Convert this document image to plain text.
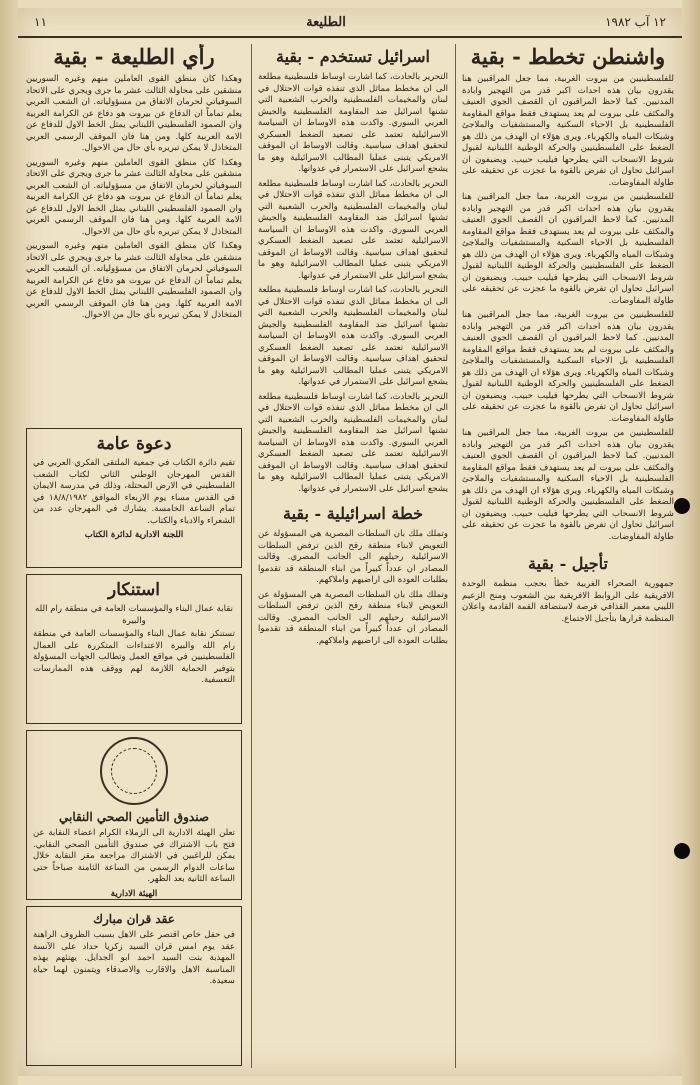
١٢ آب ١٩٨٢
الطليعة
١١
واشنطن تخطط - بقية

للفلسطينيين من بيروت الغربية، مما جعل المراقبين هنا يقدرون بيان هذه احداث اكبر قدر من التهجير وابادة المدنيين. كما لاحظ المراقبون ان القصف الجوي العنيف والمكثف على بيروت لم يعد يستهدف فقط مواقع المقاومة الفلسطينية بل الاحياء السكنية والمستشفيات والملاجئ وشبكات المياه والكهرباء. ويرى هؤلاء ان الهدف من ذلك هو الضغط على الفلسطينيين والحركة الوطنية اللبنانية لقبول شروط الانسحاب التي يطرحها فيليب حبيب. ويضيفون ان اسرائيل تحاول ان تفرض بالقوة ما عجزت عن تحقيقه على طاولة المفاوضات.

للفلسطينيين من بيروت الغربية، مما جعل المراقبين هنا يقدرون بيان هذه احداث اكبر قدر من التهجير وابادة المدنيين. كما لاحظ المراقبون ان القصف الجوي العنيف والمكثف على بيروت لم يعد يستهدف فقط مواقع المقاومة الفلسطينية بل الاحياء السكنية والمستشفيات والملاجئ وشبكات المياه والكهرباء. ويرى هؤلاء ان الهدف من ذلك هو الضغط على الفلسطينيين والحركة الوطنية اللبنانية لقبول شروط الانسحاب التي يطرحها فيليب حبيب. ويضيفون ان اسرائيل تحاول ان تفرض بالقوة ما عجزت عن تحقيقه على طاولة المفاوضات.

للفلسطينيين من بيروت الغربية، مما جعل المراقبين هنا يقدرون بيان هذه احداث اكبر قدر من التهجير وابادة المدنيين. كما لاحظ المراقبون ان القصف الجوي العنيف والمكثف على بيروت لم يعد يستهدف فقط مواقع المقاومة الفلسطينية بل الاحياء السكنية والمستشفيات والملاجئ وشبكات المياه والكهرباء. ويرى هؤلاء ان الهدف من ذلك هو الضغط على الفلسطينيين والحركة الوطنية اللبنانية لقبول شروط الانسحاب التي يطرحها فيليب حبيب. ويضيفون ان اسرائيل تحاول ان تفرض بالقوة ما عجزت عن تحقيقه على طاولة المفاوضات.

للفلسطينيين من بيروت الغربية، مما جعل المراقبين هنا يقدرون بيان هذه احداث اكبر قدر من التهجير وابادة المدنيين. كما لاحظ المراقبون ان القصف الجوي العنيف والمكثف على بيروت لم يعد يستهدف فقط مواقع المقاومة الفلسطينية بل الاحياء السكنية والمستشفيات والملاجئ وشبكات المياه والكهرباء. ويرى هؤلاء ان الهدف من ذلك هو الضغط على الفلسطينيين والحركة الوطنية اللبنانية لقبول شروط الانسحاب التي يطرحها فيليب حبيب. ويضيفون ان اسرائيل تحاول ان تفرض بالقوة ما عجزت عن تحقيقه على طاولة المفاوضات.

تأجيل - بقية

جمهورية الصحراء الغربية خطأ بحجب منظمة الوحدة الافريقية على الروابط الافريقية بين الشعوب ومنح الزعيم الليبي معمر القذافي فرصة لاستضافة القمة القادمة واعلان المنظمة قرارها بتأجيل الاجتماع.

اسرائيل تستخدم - بقية

التحرير بالحادث، كما اشارت اوساط فلسطينية مطلعة الى ان مخطط مماثل الذي تنفذه قوات الاحتلال في لبنان والمخيمات الفلسطينية والحرب الشعبية التي تشنها اسرائيل ضد المقاومة الفلسطينية والجيش العربي السوري. واكدت هذه الاوساط ان السياسة الاسرائيلية تعتمد على تصعيد الضغط العسكري لتحقيق اهداف سياسية. وقالت الاوساط ان الموقف الامريكي يتبنى عمليا المطالب الاسرائيلية وهو ما يشجع اسرائيل على الاستمرار في عدوانها.

التحرير بالحادث، كما اشارت اوساط فلسطينية مطلعة الى ان مخطط مماثل الذي تنفذه قوات الاحتلال في لبنان والمخيمات الفلسطينية والحرب الشعبية التي تشنها اسرائيل ضد المقاومة الفلسطينية والجيش العربي السوري. واكدت هذه الاوساط ان السياسة الاسرائيلية تعتمد على تصعيد الضغط العسكري لتحقيق اهداف سياسية. وقالت الاوساط ان الموقف الامريكي يتبنى عمليا المطالب الاسرائيلية وهو ما يشجع اسرائيل على الاستمرار في عدوانها.

التحرير بالحادث، كما اشارت اوساط فلسطينية مطلعة الى ان مخطط مماثل الذي تنفذه قوات الاحتلال في لبنان والمخيمات الفلسطينية والحرب الشعبية التي تشنها اسرائيل ضد المقاومة الفلسطينية والجيش العربي السوري. واكدت هذه الاوساط ان السياسة الاسرائيلية تعتمد على تصعيد الضغط العسكري لتحقيق اهداف سياسية. وقالت الاوساط ان الموقف الامريكي يتبنى عمليا المطالب الاسرائيلية وهو ما يشجع اسرائيل على الاستمرار في عدوانها.

التحرير بالحادث، كما اشارت اوساط فلسطينية مطلعة الى ان مخطط مماثل الذي تنفذه قوات الاحتلال في لبنان والمخيمات الفلسطينية والحرب الشعبية التي تشنها اسرائيل ضد المقاومة الفلسطينية والجيش العربي السوري. واكدت هذه الاوساط ان السياسة الاسرائيلية تعتمد على تصعيد الضغط العسكري لتحقيق اهداف سياسية. وقالت الاوساط ان الموقف الامريكي يتبنى عمليا المطالب الاسرائيلية وهو ما يشجع اسرائيل على الاستمرار في عدوانها.

خطة اسرائيلية - بقية

وتملك ملك بان السلطات المصرية هي المسؤولة عن التعويض لابناء منطقة رفح الذين ترفض السلطات الاسرائيلية رحيلهم الى الجانب المصري. وقالت المصادر ان عدداً كبيراً من ابناء المنطقة قد تقدموا بطلبات العودة الى اراضيهم واملاكهم.

وتملك ملك بان السلطات المصرية هي المسؤولة عن التعويض لابناء منطقة رفح الذين ترفض السلطات الاسرائيلية رحيلهم الى الجانب المصري. وقالت المصادر ان عدداً كبيراً من ابناء المنطقة قد تقدموا بطلبات العودة الى اراضيهم واملاكهم.

رأي الطليعة - بقية

وهكذا كان منطق القوى العاملين منهم وغيره السوريين منشقين على محاولة الثالث عشر ما جرى ويجري على الاتحاد السوفياتي لحرمان الاتفاق من مسؤولياته. ان الشعب العربي يعلم تماماً ان الدفاع عن بيروت هو دفاع عن الكرامة العربية وان الصمود الفلسطيني اللبناني يمثل الخط الاول للدفاع عن الامة العربية كلها. ومن هنا فان الموقف الرسمي العربي المتخاذل لا يمكن تبريره بأي حال من الاحوال.

وهكذا كان منطق القوى العاملين منهم وغيره السوريين منشقين على محاولة الثالث عشر ما جرى ويجري على الاتحاد السوفياتي لحرمان الاتفاق من مسؤولياته. ان الشعب العربي يعلم تماماً ان الدفاع عن بيروت هو دفاع عن الكرامة العربية وان الصمود الفلسطيني اللبناني يمثل الخط الاول للدفاع عن الامة العربية كلها. ومن هنا فان الموقف الرسمي العربي المتخاذل لا يمكن تبريره بأي حال من الاحوال.

وهكذا كان منطق القوى العاملين منهم وغيره السوريين منشقين على محاولة الثالث عشر ما جرى ويجري على الاتحاد السوفياتي لحرمان الاتفاق من مسؤولياته. ان الشعب العربي يعلم تماماً ان الدفاع عن بيروت هو دفاع عن الكرامة العربية وان الصمود الفلسطيني اللبناني يمثل الخط الاول للدفاع عن الامة العربية كلها. ومن هنا فان الموقف الرسمي العربي المتخاذل لا يمكن تبريره بأي حال من الاحوال.

دعوة عامة
تقيم دائرة الكتاب في جمعية الملتقى الفكري العربي في القدس المهرجان الوطني الثاني لكتاب الشعب الفلسطيني في الارض المحتلة، وذلك في مدرسة الايمان في القدس مساء يوم الاربعاء الموافق ١٨/٨/١٩٨٢ في تمام الساعة الخامسة. يشارك في المهرجان عدد من الشعراء والادباء والكتاب.
اللجنة الادارية لدائرة الكتاب
استنكار
نقابة عمال البناء والمؤسسات العامة في منطقة رام الله والبيرة
تستنكر نقابة عمال البناء والمؤسسات العامة في منطقة رام الله والبيرة الاعتداءات المتكررة على العمال الفلسطينيين في مواقع العمل وتطالب الجهات المسؤولة بتوفير الحماية اللازمة لهم ووقف هذه الممارسات التعسفية.
صندوق التأمين الصحي النقابي
تعلن الهيئة الادارية الى الزملاء الكرام اعضاء النقابة عن فتح باب الاشتراك في صندوق التأمين الصحي النقابي. يمكن للراغبين في الاشتراك مراجعة مقر النقابة خلال ساعات الدوام الرسمي من الساعة الثامنة صباحاً حتى الساعة الثانية بعد الظهر.
الهيئة الادارية
عقد قران مبارك
في حفل خاص اقتصر على الاهل بسبب الظروف الراهنة عقد يوم امس قران السيد زكريا حداد على الآنسة المهذبة بنت السيد احمد ابو الجدايل. يهنئهم بهذه المناسبة الاهل والاقارب والاصدقاء ويتمنون لهما حياة سعيدة.
